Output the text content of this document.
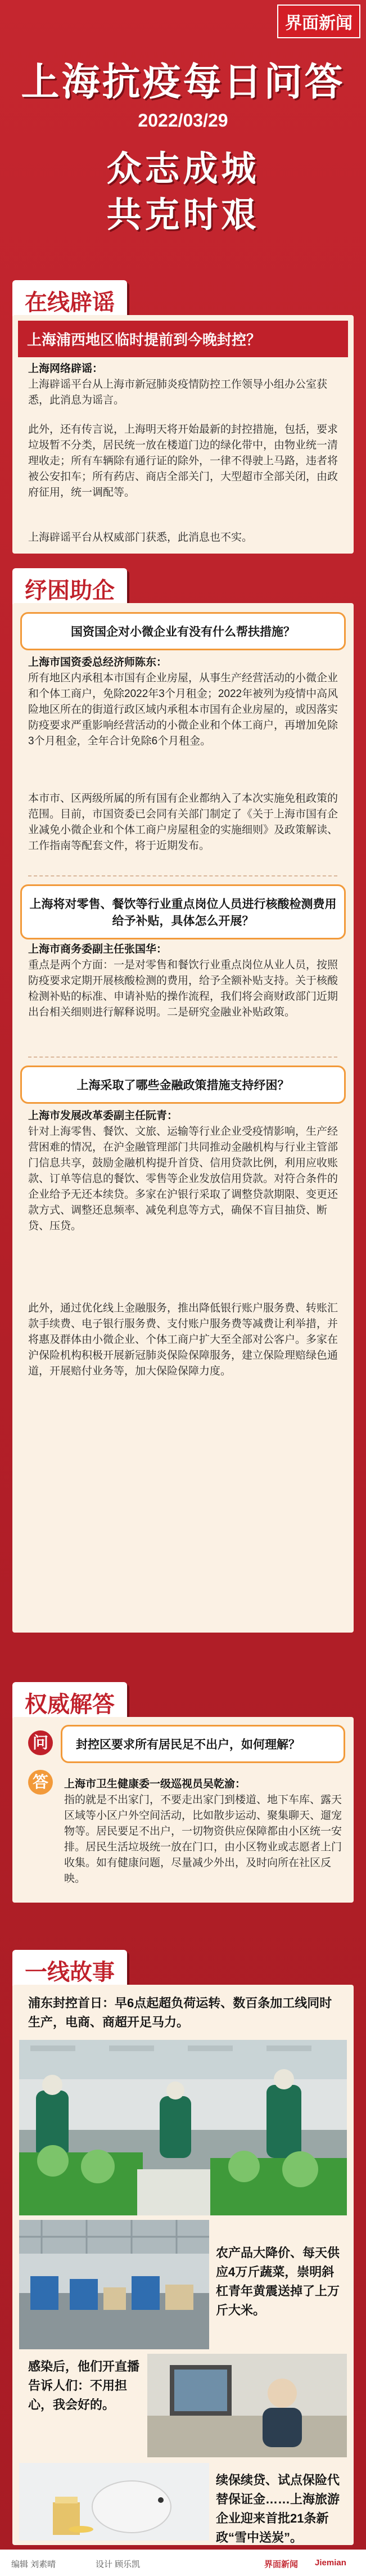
界面新闻
上海抗疫每日问答
2022/03/29
众志成城
共克时艰
在线辟谣
上海浦西地区临时提前到今晚封控？
上海网络辟谣：

上海辟谣平台从上海市新冠肺炎疫情防控工作领导小组办公室获悉，此消息为谣言。

此外，还有传言说，上海明天将开始最新的封控措施，包括，要求垃圾暂不分类，居民统一放在楼道门边的绿化带中，由物业统一清理收走；所有车辆除有通行证的除外，一律不得驶上马路，违者将被公安扣车；所有药店、商店全部关门，大型超市全部关闭，由政府征用，统一调配等。

上海辟谣平台从权威部门获悉，此消息也不实。

纾困助企
国资国企对小微企业有没有什么帮扶措施？
上海市国资委总经济师陈东：

所有地区内承租本市国有企业房屋，从事生产经营活动的小微企业和个体工商户，免除2022年3个月租金；2022年被列为疫情中高风险地区所在的街道行政区域内承租本市国有企业房屋的，或因落实防疫要求严重影响经营活动的小微企业和个体工商户，再增加免除3个月租金，全年合计免除6个月租金。

本市市、区两级所属的所有国有企业都纳入了本次实施免租政策的范围。目前，市国资委已会同有关部门制定了《关于上海市国有企业减免小微企业和个体工商户房屋租金的实施细则》及政策解读、工作指南等配套文件，将于近期发布。

上海将对零售、餐饮等行业重点岗位人员进行核酸检测费用给予补贴，具体怎么开展？
上海市商务委副主任张国华：

重点是两个方面：一是对零售和餐饮行业重点岗位从业人员，按照防疫要求定期开展核酸检测的费用，给予全额补贴支持。关于核酸检测补贴的标准、申请补贴的操作流程，我们将会商财政部门近期出台相关细则进行解释说明。二是研究金融业补贴政策。

上海采取了哪些金融政策措施支持纾困？
上海市发展改革委副主任阮青：

针对上海零售、餐饮、文旅、运输等行业企业受疫情影响，生产经营困难的情况，在沪金融管理部门共同推动金融机构与行业主管部门信息共享，鼓励金融机构提升首贷、信用贷款比例，利用应收账款、订单等信息的餐饮、零售等企业发放信用贷款。对符合条件的企业给予无还本续贷。多家在沪银行采取了调整贷款期限、变更还款方式、调整还息频率、减免利息等方式，确保不盲目抽贷、断贷、压贷。

此外，通过优化线上金融服务，推出降低银行账户服务费、转账汇款手续费、电子银行服务费、支付账户服务费等减费让利举措，并将惠及群体由小微企业、个体工商户扩大至全部对公客户。多家在沪保险机构积极开展新冠肺炎保险保障服务，建立保险理赔绿色通道，开展赔付业务等，加大保险保障力度。

权威解答
问	封控区要求所有居民足不出户，如何理解？
答	上海市卫生健康委一级巡视员吴乾渝：

指的就是不出家门，不要走出家门到楼道、地下车库、露天区域等小区户外空间活动，比如散步运动、聚集聊天、遛宠物等。居民要足不出户，一切物资供应保障都由小区统一安排。居民生活垃圾统一放在门口，由小区物业或志愿者上门收集。如有健康问题，尽量减少外出，及时向所在社区反映。

一线故事

浦东封控首日：早6点起超负荷运转、数百条加工线同时生产，电商、商超开足马力。

农产品大降价、每天供应4万斤蔬菜，崇明斜杠青年黄震送掉了上万斤大米。

感染后，他们开直播告诉人们：不用担心，我会好的。

续保续贷、试点保险代替保证金……上海旅游企业迎来首批21条新政“雪中送炭”。

编辑 刘素晴	设计 顾乐凯	界面新闻 Jiemian
